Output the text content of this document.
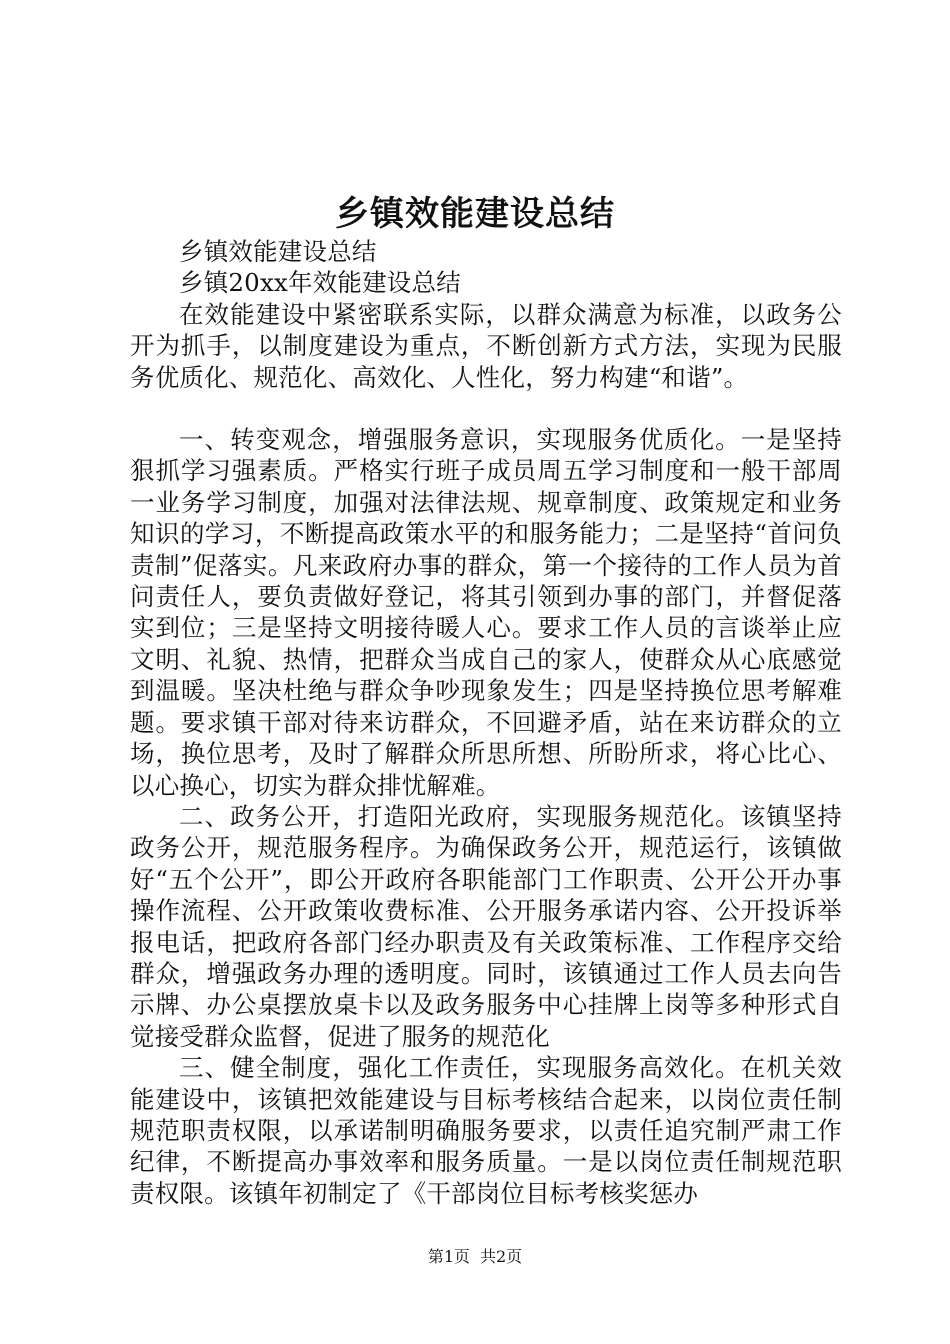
乡镇效能建设总结

乡镇效能建设总结

乡镇20xx年效能建设总结

在效能建设中紧密联系实际，以群众满意为标准，以政务公开为抓手，以制度建设为重点，不断创新方式方法，实现为民服务优质化、规范化、高效化、人性化，努力构建“和谐”。

一、转变观念，增强服务意识，实现服务优质化。一是坚持狠抓学习强素质。严格实行班子成员周五学习制度和一般干部周一业务学习制度，加强对法律法规、规章制度、政策规定和业务知识的学习，不断提高政策水平的和服务能力；二是坚持“首问负责制”促落实。凡来政府办事的群众，第一个接待的工作人员为首问责任人，要负责做好登记，将其引领到办事的部门，并督促落实到位；三是坚持文明接待暖人心。要求工作人员的言谈举止应文明、礼貌、热情，把群众当成自己的家人，使群众从心底感觉到温暖。坚决杜绝与群众争吵现象发生；四是坚持换位思考解难题。要求镇干部对待来访群众，不回避矛盾，站在来访群众的立场，换位思考，及时了解群众所思所想、所盼所求，将心比心、以心换心，切实为群众排忧解难。

二、政务公开，打造阳光政府，实现服务规范化。该镇坚持政务公开，规范服务程序。为确保政务公开，规范运行，该镇做好“五个公开”，即公开政府各职能部门工作职责、公开公开办事操作流程、公开政策收费标准、公开服务承诺内容、公开投诉举报电话，把政府各部门经办职责及有关政策标准、工作程序交给群众，增强政务办理的透明度。同时，该镇通过工作人员去向告示牌、办公桌摆放桌卡以及政务服务中心挂牌上岗等多种形式自觉接受群众监督，促进了服务的规范化

三、健全制度，强化工作责任，实现服务高效化。在机关效能建设中，该镇把效能建设与目标考核结合起来，以岗位责任制规范职责权限，以承诺制明确服务要求，以责任追究制严肃工作纪律，不断提高办事效率和服务质量。一是以岗位责任制规范职责权限。该镇年初制定了《干部岗位目标考核奖惩办

第1页 共2页
